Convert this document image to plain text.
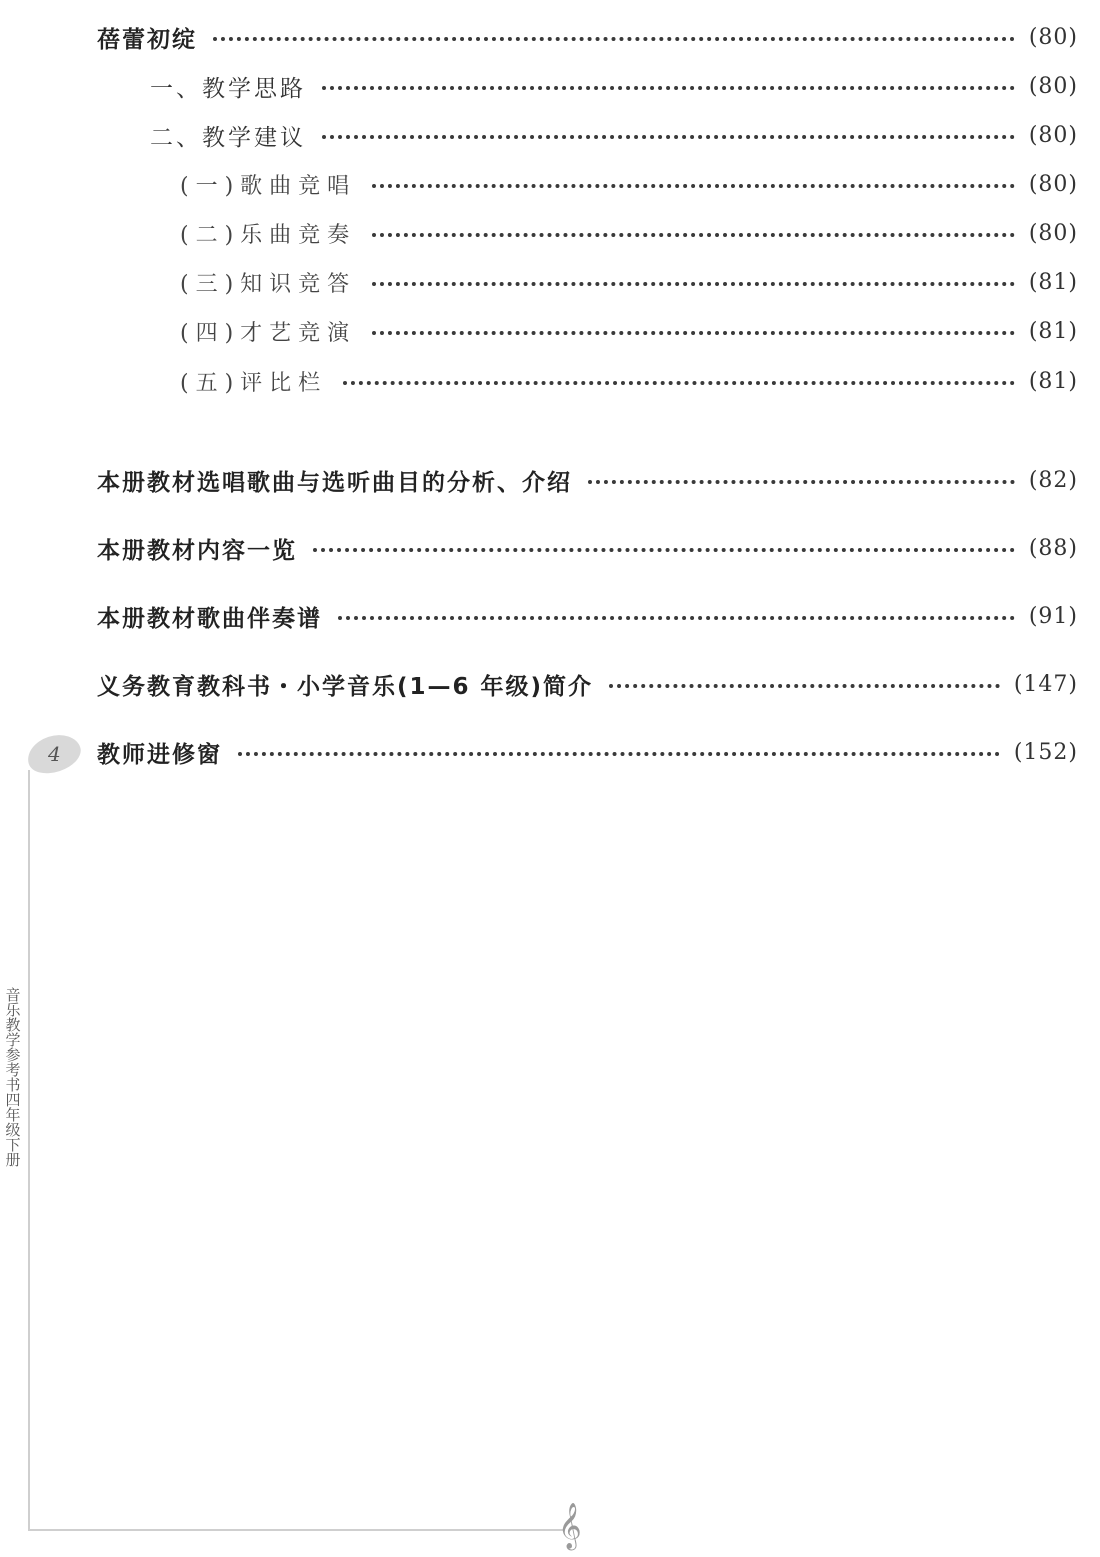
蓓蕾初绽	(80)
一、教学思路	(80)
二、教学建议	(80)
(一)歌曲竞唱	(80)
(二)乐曲竞奏	(80)
(三)知识竞答	(81)
(四)才艺竞演	(81)
(五)评比栏	(81)
本册教材选唱歌曲与选听曲目的分析、介绍	(82)
本册教材内容一览	(88)
本册教材歌曲伴奏谱	(91)
义务教育教科书・小学音乐(1—6 年级)简介	(147)
教师进修窗	(152)
4
音乐教学参考书四年级下册
𝄞
